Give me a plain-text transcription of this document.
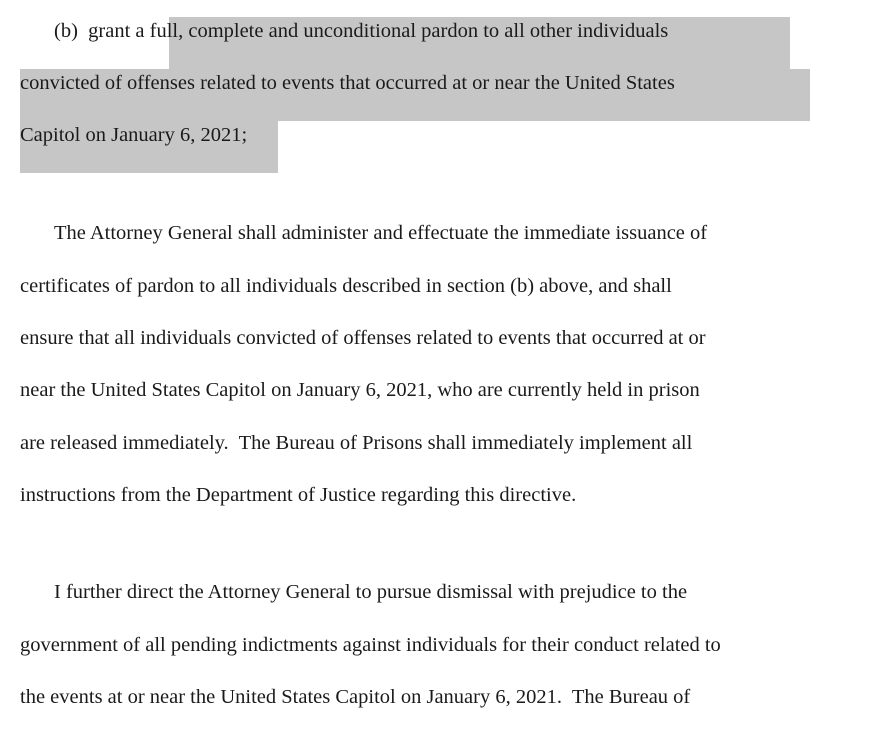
(b)  grant a full, complete and unconditional pardon to all other individuals
convicted of offenses related to events that occurred at or near the United States
Capitol on January 6, 2021;
The Attorney General shall administer and effectuate the immediate issuance of
certificates of pardon to all individuals described in section (b) above, and shall
ensure that all individuals convicted of offenses related to events that occurred at or
near the United States Capitol on January 6, 2021, who are currently held in prison
are released immediately.  The Bureau of Prisons shall immediately implement all
instructions from the Department of Justice regarding this directive.
I further direct the Attorney General to pursue dismissal with prejudice to the
government of all pending indictments against individuals for their conduct related to
the events at or near the United States Capitol on January 6, 2021.  The Bureau of
